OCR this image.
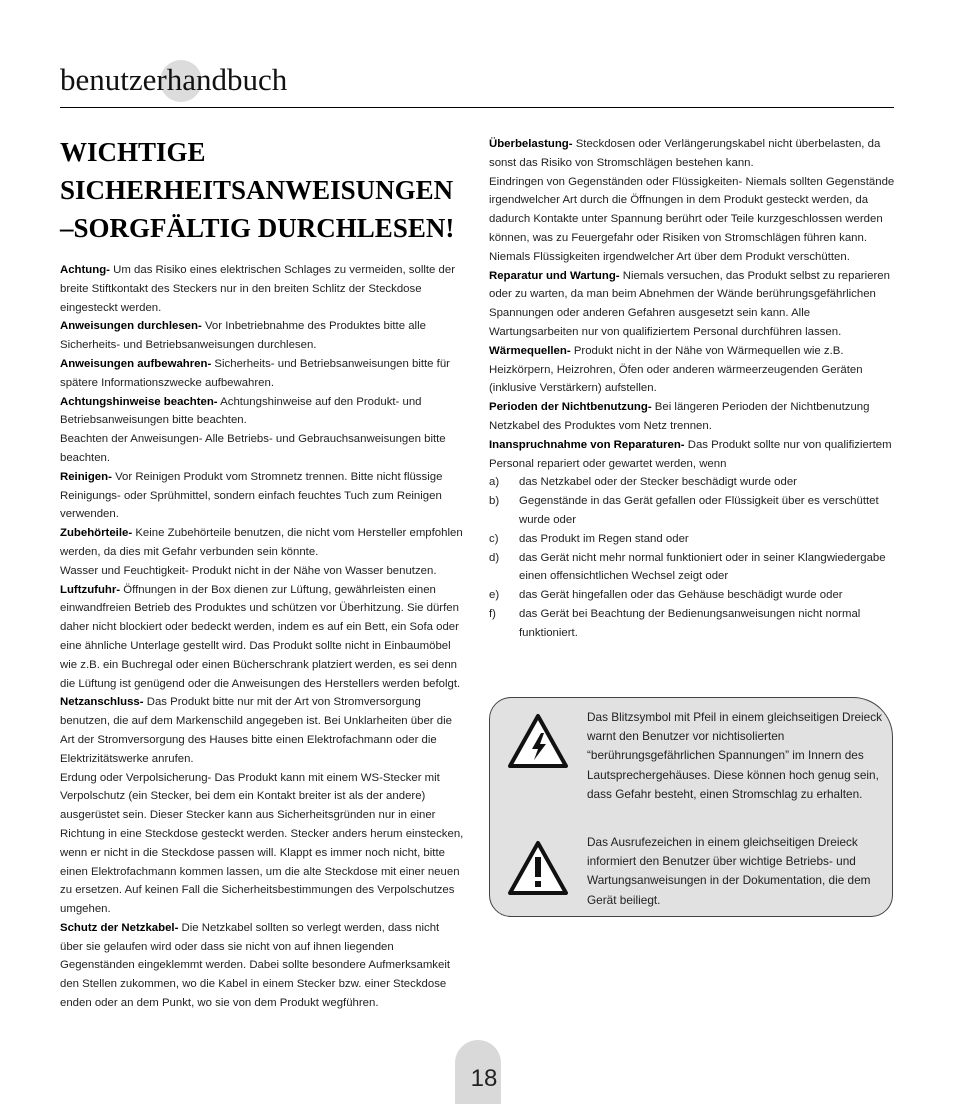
benutzerhandbuch
WICHTIGE
SICHERHEITSANWEISUNGEN
–SORGFÄLTIG DURCHLESEN!

Achtung- Um das Risiko eines elektrischen Schlages zu vermeiden, sollte der breite Stiftkontakt des Steckers nur in den breiten Schlitz der Steckdose eingesteckt werden.

Anweisungen durchlesen- Vor Inbetriebnahme des Produktes bitte alle Sicherheits- und Betriebsanweisungen durchlesen.

Anweisungen aufbewahren- Sicherheits- und Betriebsanweisungen bitte für spätere Informationszwecke aufbewahren.

Achtungshinweise beachten- Achtungshinweise auf den Produkt- und Betriebsanweisungen bitte beachten.

Beachten der Anweisungen- Alle Betriebs- und Gebrauchsanweisungen bitte beachten.

Reinigen- Vor Reinigen Produkt vom Stromnetz trennen. Bitte nicht flüssige Reinigungs- oder Sprühmittel, sondern einfach feuchtes Tuch zum Reinigen verwenden.

Zubehörteile- Keine Zubehörteile benutzen, die nicht vom Hersteller empfohlen werden, da dies mit Gefahr verbunden sein könnte.

Wasser und Feuchtigkeit- Produkt nicht in der Nähe von Wasser benutzen.

Luftzufuhr- Öffnungen in der Box dienen zur Lüftung, gewährleisten einen einwandfreien Betrieb des Produktes und schützen vor Überhitzung. Sie dürfen daher nicht blockiert oder bedeckt werden, indem es auf ein Bett, ein Sofa oder eine ähnliche Unterlage gestellt wird. Das Produkt sollte nicht in Einbaumöbel wie z.B. ein Buchregal oder einen Bücherschrank platziert werden, es sei denn die Lüftung ist genügend oder die Anweisungen des Herstellers werden befolgt.

Netzanschluss- Das Produkt bitte nur mit der Art von Stromversorgung benutzen, die auf dem Markenschild angegeben ist. Bei Unklarheiten über die Art der Stromversorgung des Hauses bitte einen Elektrofachmann oder die Elektrizitätswerke anrufen.

Erdung oder Verpolsicherung- Das Produkt kann mit einem WS-Stecker mit Verpolschutz (ein Stecker, bei dem ein Kontakt breiter ist als der andere) ausgerüstet sein. Dieser Stecker kann aus Sicherheitsgründen nur in einer Richtung in eine Steckdose gesteckt werden. Stecker anders herum einstecken, wenn er nicht in die Steckdose passen will. Klappt es immer noch nicht, bitte einen Elektrofachmann kommen lassen, um die alte Steckdose mit einer neuen zu ersetzen. Auf keinen Fall die Sicherheitsbestimmungen des Verpolschutzes umgehen.

Schutz der Netzkabel- Die Netzkabel sollten so verlegt werden, dass nicht über sie gelaufen wird oder dass sie nicht von auf ihnen liegenden Gegenständen eingeklemmt werden. Dabei sollte besondere Aufmerksamkeit den Stellen zukommen, wo die Kabel in einem Stecker bzw. einer Steckdose enden oder an dem Punkt, wo sie von dem Produkt wegführen.

Überbelastung- Steckdosen oder Verlängerungskabel nicht überbelasten, da sonst das Risiko von Stromschlägen bestehen kann.

Eindringen von Gegenständen oder Flüssigkeiten- Niemals sollten Gegenstände irgendwelcher Art durch die Öffnungen in dem Produkt gesteckt werden, da dadurch Kontakte unter Spannung berührt oder Teile kurzgeschlossen werden können, was zu Feuergefahr oder Risiken von Stromschlägen führen kann. Niemals Flüssigkeiten irgendwelcher Art über dem Produkt verschütten.

Reparatur und Wartung- Niemals versuchen, das Produkt selbst zu reparieren oder zu warten, da man beim Abnehmen der Wände berührungsgefährlichen Spannungen oder anderen Gefahren ausgesetzt sein kann. Alle Wartungsarbeiten nur von qualifiziertem Personal durchführen lassen.

Wärmequellen- Produkt nicht in der Nähe von Wärmequellen wie z.B. Heizkörpern, Heizrohren, Öfen oder anderen wärmeerzeugenden Geräten (inklusive Verstärkern) aufstellen.

Perioden der Nichtbenutzung- Bei längeren Perioden der Nichtbenutzung Netzkabel des Produktes vom Netz trennen.

Inanspruchnahme von Reparaturen- Das Produkt sollte nur von qualifiziertem Personal repariert oder gewartet werden, wenn

a)	das Netzkabel oder der Stecker beschädigt wurde oder
b)	Gegenstände in das Gerät gefallen oder Flüssigkeit über es verschüttet wurde oder
c)	das Produkt im Regen stand oder
d)	das Gerät nicht mehr normal funktioniert oder in seiner Klangwiedergabe einen offensichtlichen Wechsel zeigt oder
e)	das Gerät hingefallen oder das Gehäuse beschädigt wurde oder
f)	das Gerät bei Beachtung der Bedienungsanweisungen nicht normal funktioniert.
Das Blitzsymbol mit Pfeil in einem gleichseitigen Dreieck warnt den Benutzer vor nichtisolierten “berührungsgefährlichen Spannungen” im Innern des Lautsprechergehäuses. Diese können hoch genug sein, dass Gefahr besteht, einen Stromschlag zu erhalten.
Das Ausrufezeichen in einem gleichseitigen Dreieck informiert den Benutzer über wichtige Betriebs- und Wartungsanweisungen in der Dokumentation, die dem Gerät beiliegt.
18
